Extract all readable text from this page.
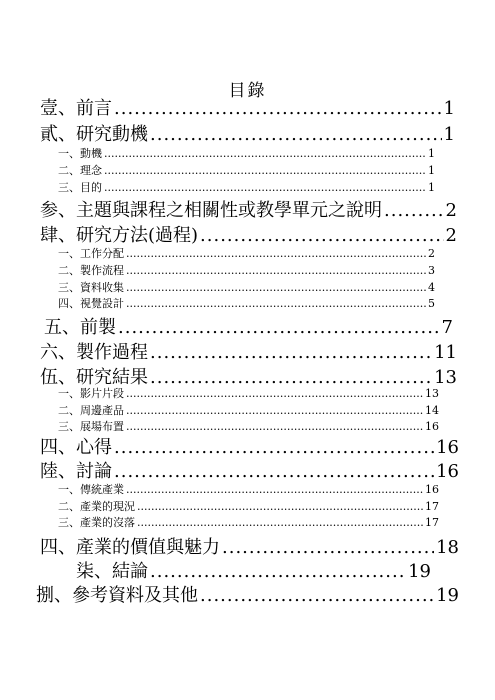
目錄
壹、前言 .....	1
貳、研究動機 .....	1
一、動機 .....	1
二、理念 .....	1
三、目的 .....	1
参、主題與課程之相關性或教學單元之說明 .....	2
肆、研究方法(過程) .....	2
一、工作分配 .....	2
二、製作流程 .....	3
三、資料收集 .....	4
四、視覺設計 .....	5
五、前製 .....	7
六、製作過程 .....	11
伍、研究結果 .....	13
一、影片片段 .....	13
二、周邊產品 .....	14
三、展場布置 .....	16
四、心得 .....	16
陸、討論 .....	16
一、傳統產業 .....	16
二、產業的現況 .....	17
三、產業的沒落 .....	17
四、產業的價值與魅力 .....	18
柒、結論 .....	19
捌、參考資料及其他 .....	19
